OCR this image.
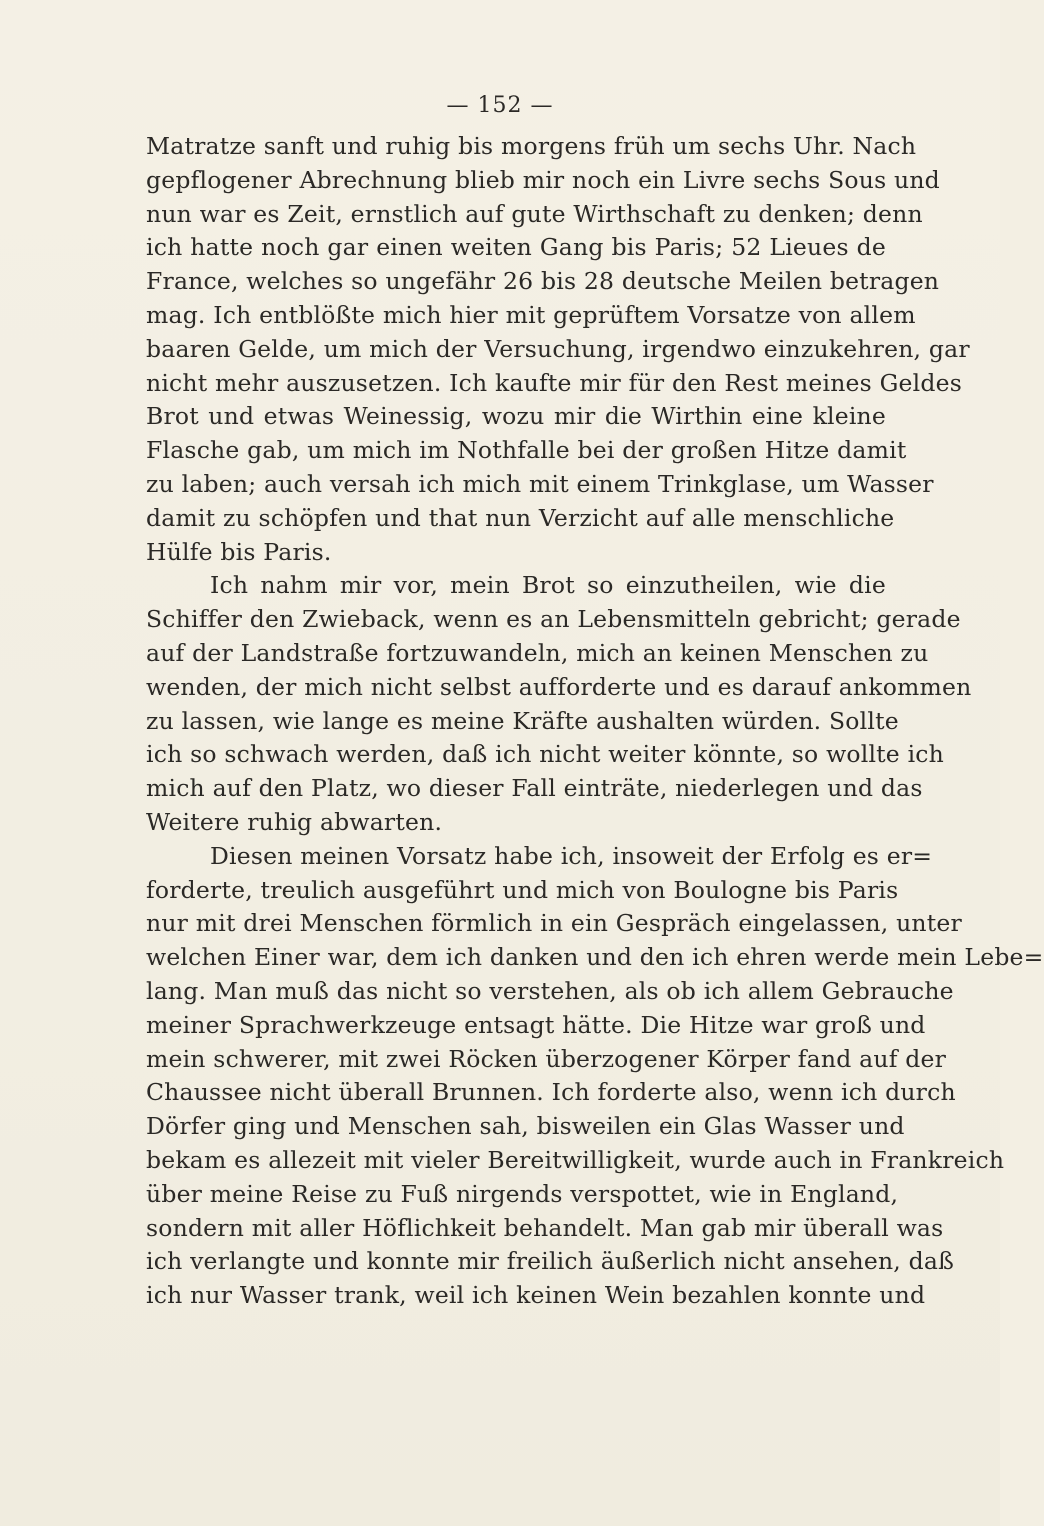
— 152 —

Matratze sanft und ruhig bis morgens früh um sechs Uhr. Nach
gepflogener Abrechnung blieb mir noch ein Livre sechs Sous und
nun war es Zeit, ernstlich auf gute Wirthschaft zu denken; denn
ich hatte noch gar einen weiten Gang bis Paris; 52 Lieues de
France, welches so ungefähr 26 bis 28 deutsche Meilen betragen
mag. Ich entblößte mich hier mit geprüftem Vorsatze von allem
baaren Gelde, um mich der Versuchung, irgendwo einzukehren, gar
nicht mehr auszusetzen. Ich kaufte mir für den Rest meines Geldes
Brot und etwas Weinessig, wozu mir die Wirthin eine kleine
Flasche gab, um mich im Nothfalle bei der großen Hitze damit
zu laben; auch versah ich mich mit einem Trinkglase, um Wasser
damit zu schöpfen und that nun Verzicht auf alle menschliche
Hülfe bis Paris.

Ich nahm mir vor, mein Brot so einzutheilen, wie die
Schiffer den Zwieback, wenn es an Lebensmitteln gebricht; gerade
auf der Landstraße fortzuwandeln, mich an keinen Menschen zu
wenden, der mich nicht selbst aufforderte und es darauf ankommen
zu lassen, wie lange es meine Kräfte aushalten würden. Sollte
ich so schwach werden, daß ich nicht weiter könnte, so wollte ich
mich auf den Platz, wo dieser Fall einträte, niederlegen und das
Weitere ruhig abwarten.

Diesen meinen Vorsatz habe ich, insoweit der Erfolg es er=
forderte, treulich ausgeführt und mich von Boulogne bis Paris
nur mit drei Menschen förmlich in ein Gespräch eingelassen, unter
welchen Einer war, dem ich danken und den ich ehren werde mein Lebe=
lang. Man muß das nicht so verstehen, als ob ich allem Gebrauche
meiner Sprachwerkzeuge entsagt hätte. Die Hitze war groß und
mein schwerer, mit zwei Röcken überzogener Körper fand auf der
Chaussee nicht überall Brunnen. Ich forderte also, wenn ich durch
Dörfer ging und Menschen sah, bisweilen ein Glas Wasser und
bekam es allezeit mit vieler Bereitwilligkeit, wurde auch in Frankreich
über meine Reise zu Fuß nirgends verspottet, wie in England,
sondern mit aller Höflichkeit behandelt. Man gab mir überall was
ich verlangte und konnte mir freilich äußerlich nicht ansehen, daß
ich nur Wasser trank, weil ich keinen Wein bezahlen konnte und
